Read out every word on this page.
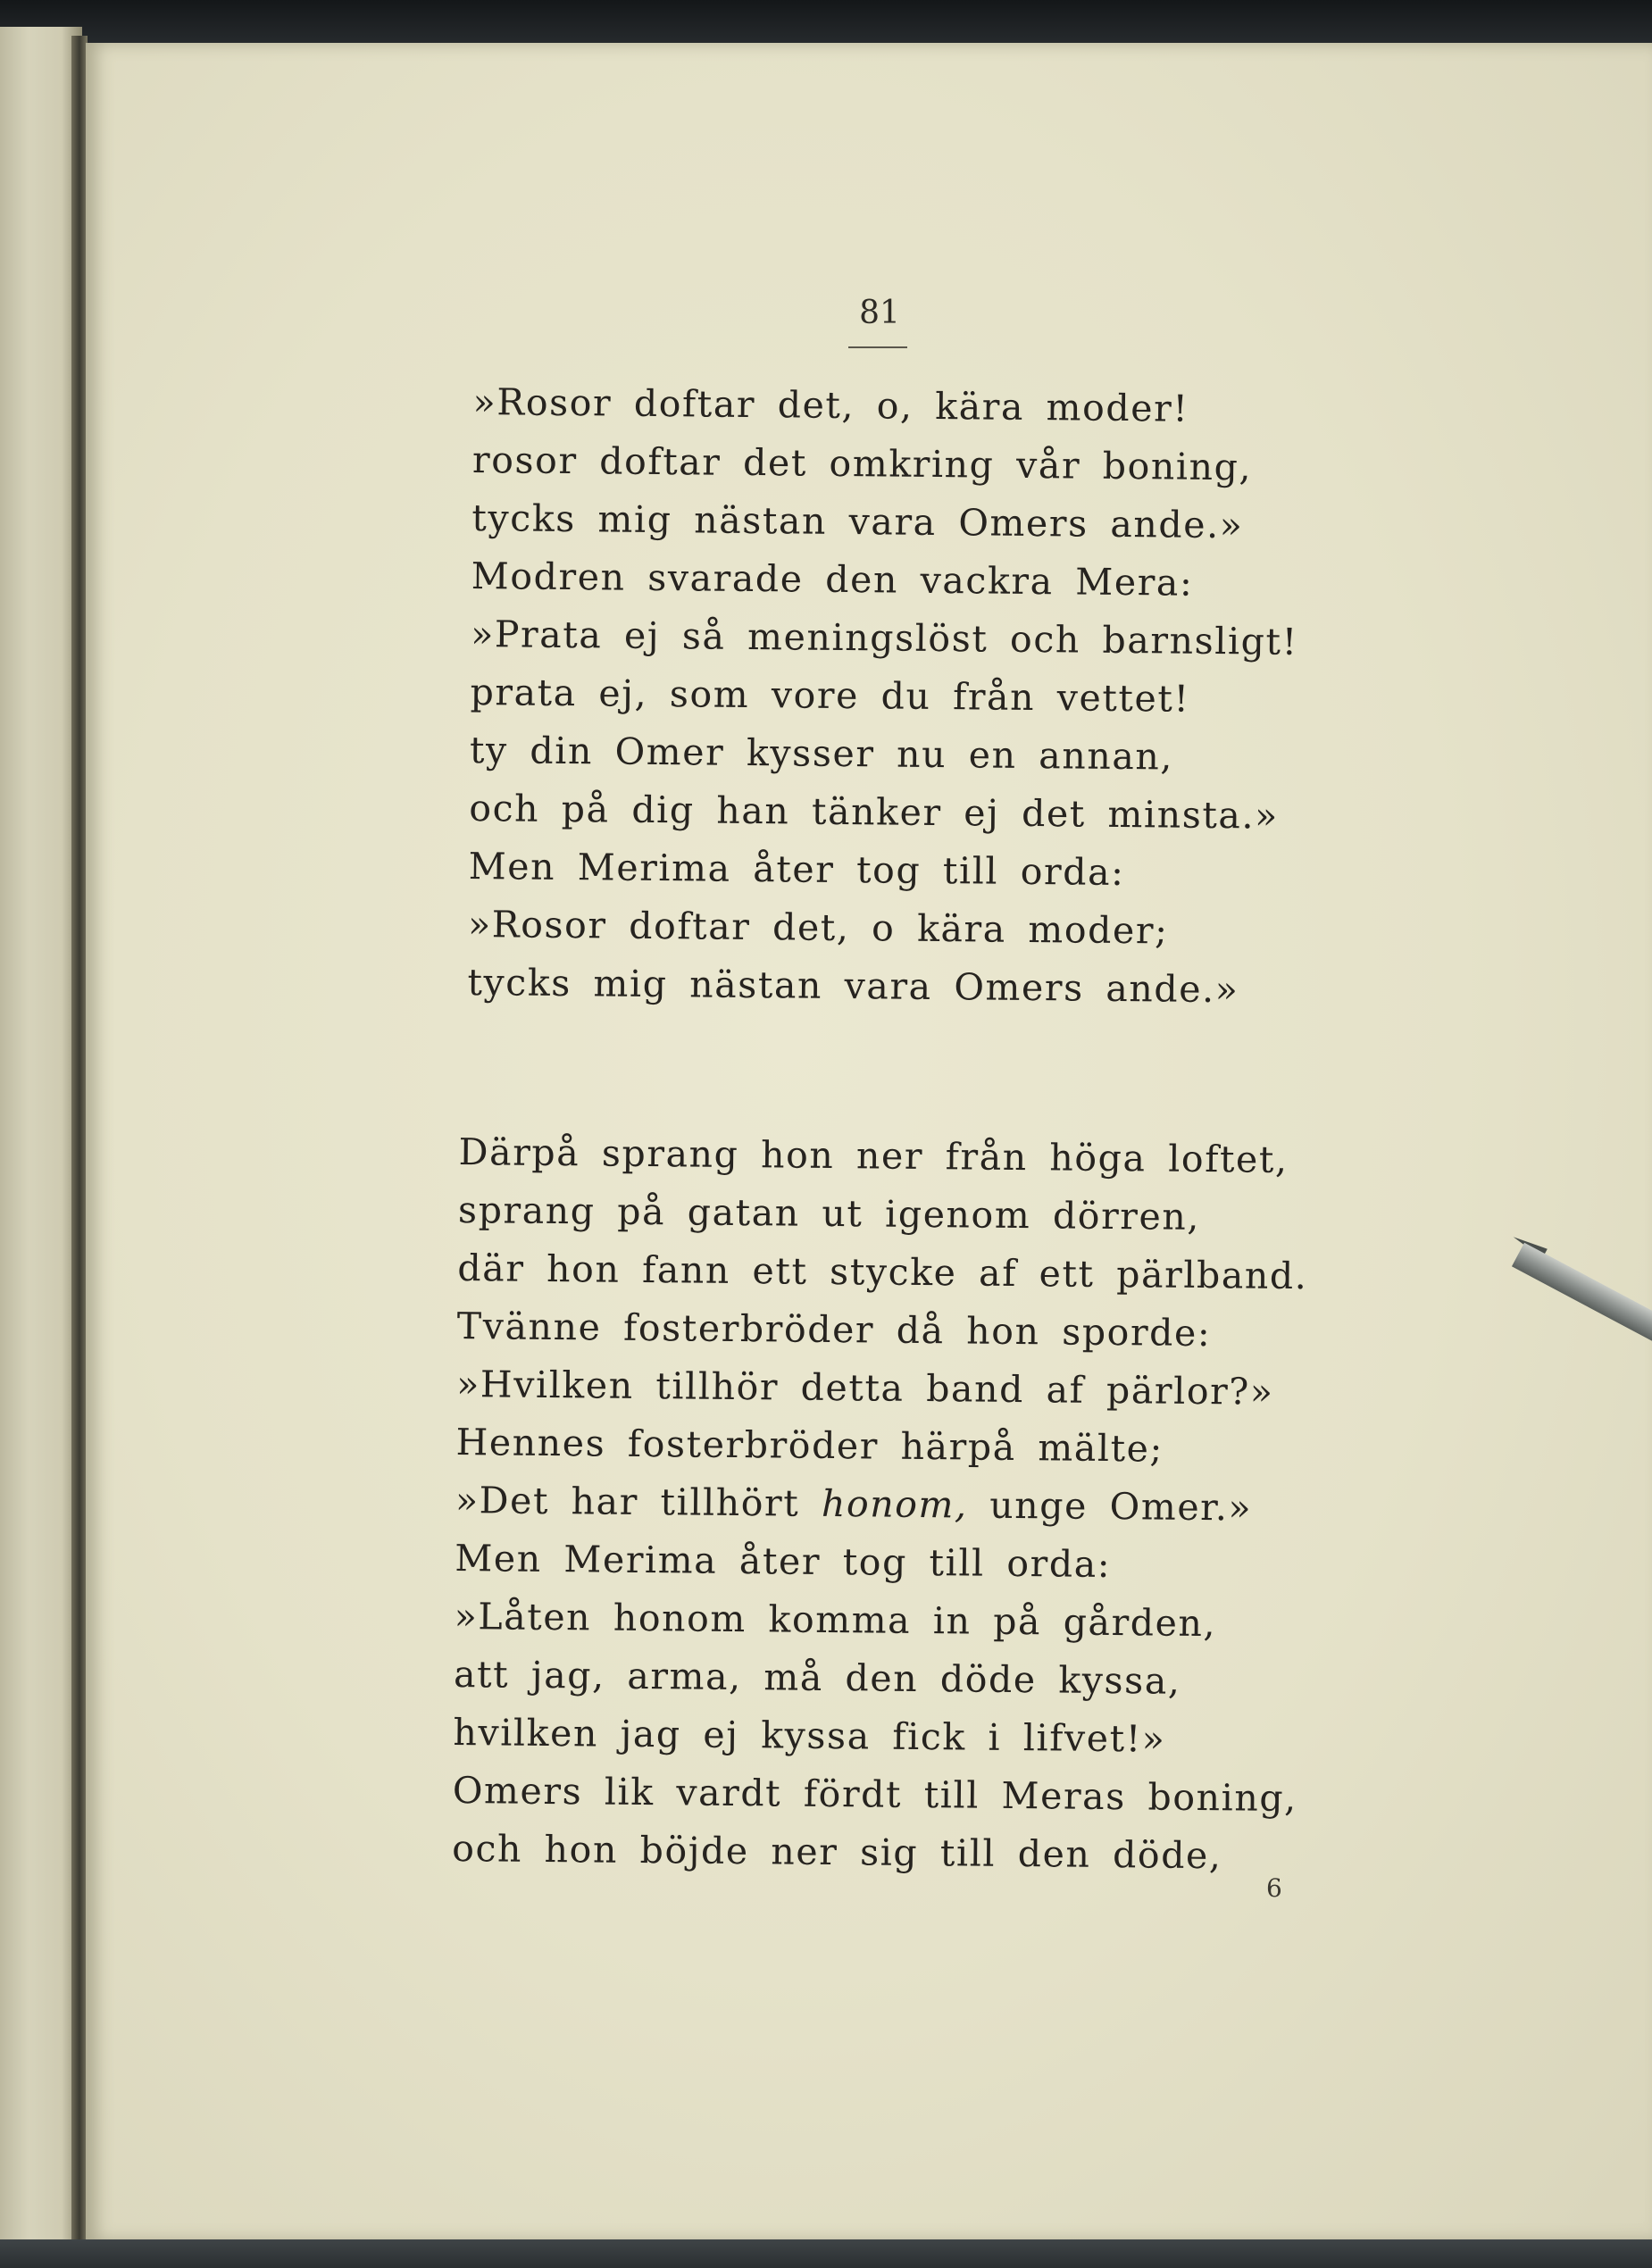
81
»Rosor doftar det, o, kära moder!
rosor doftar det omkring vår boning,
tycks mig nästan vara Omers ande.»
Modren svarade den vackra Mera:
»Prata ej så meningslöst och barnsligt!
prata ej, som vore du från vettet!
ty din Omer kysser nu en annan,
och på dig han tänker ej det minsta.»
Men Merima åter tog till orda:
»Rosor doftar det, o kära moder;
tycks mig nästan vara Omers ande.»
Därpå sprang hon ner från höga loftet,
sprang på gatan ut igenom dörren,
där hon fann ett stycke af ett pärlband.
Tvänne fosterbröder då hon sporde:
»Hvilken tillhör detta band af pärlor?»
Hennes fosterbröder härpå mälte;
»Det har tillhört honom, unge Omer.»
Men Merima åter tog till orda:
»Låten honom komma in på gården,
att jag, arma, må den döde kyssa,
hvilken jag ej kyssa fick i lifvet!»
Omers lik vardt fördt till Meras boning,
och hon böjde ner sig till den döde,
6
